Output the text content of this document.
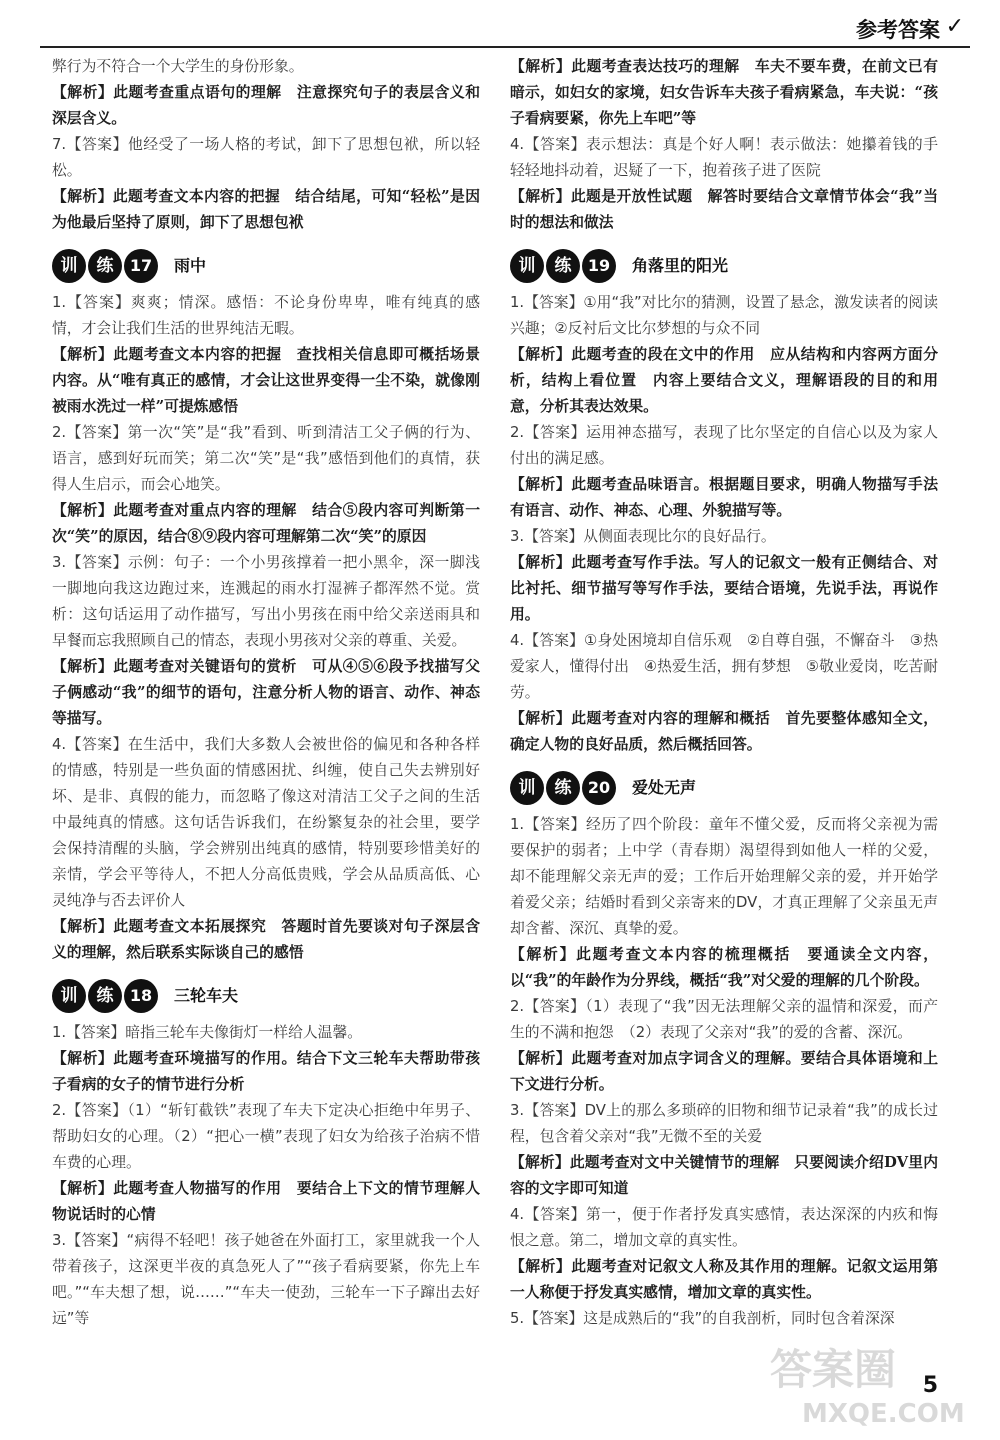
参考答案 ✓

弊行为不符合一个大学生的身份形象。

【解析】此题考查重点语句的理解　注意探究句子的表层含义和深层含义。

7.【答案】他经受了一场人格的考试，卸下了思想包袱，所以轻松。

【解析】此题考查文本内容的把握　结合结尾，可知“轻松”是因为他最后坚持了原则，卸下了思想包袱

训	练	17	雨中

1.【答案】爽爽；情深。感悟：不论身份卑卑，唯有纯真的感情，才会让我们生活的世界纯洁无暇。

【解析】此题考查文本内容的把握　查找相关信息即可概括场景内容。从“唯有真正的感情，才会让这世界变得一尘不染，就像刚被雨水洗过一样”可提炼感悟

2.【答案】第一次“笑”是“我”看到、听到清洁工父子俩的行为、语言，感到好玩而笑；第二次“笑”是“我”感悟到他们的真情，获得人生启示，而会心地笑。

【解析】此题考查对重点内容的理解　结合⑤段内容可判断第一次“笑”的原因，结合⑧⑨段内容可理解第二次“笑”的原因

3.【答案】示例：句子：一个小男孩撑着一把小黑伞，深一脚浅一脚地向我这边跑过来，连溅起的雨水打湿裤子都浑然不觉。赏析：这句话运用了动作描写，写出小男孩在雨中给父亲送雨具和早餐而忘我照顾自己的情态，表现小男孩对父亲的尊重、关爱。

【解析】此题考查对关键语句的赏析　可从④⑤⑥段予找描写父子俩感动“我”的细节的语句，注意分析人物的语言、动作、神态等描写。

4.【答案】在生活中，我们大多数人会被世俗的偏见和各种各样的情感，特别是一些负面的情感困扰、纠缠，使自己失去辨别好坏、是非、真假的能力，而忽略了像这对清洁工父子之间的生活中最纯真的情感。这句话告诉我们，在纷繁复杂的社会里，要学会保持清醒的头脑，学会辨别出纯真的感情，特别要珍惜美好的亲情，学会平等待人，不把人分高低贵贱，学会从品质高低、心灵纯净与否去评价人

【解析】此题考查文本拓展探究　答题时首先要谈对句子深层含义的理解，然后联系实际谈自己的感悟

训	练	18	三轮车夫

1.【答案】暗指三轮车夫像街灯一样给人温馨。

【解析】此题考查环境描写的作用。结合下文三轮车夫帮助带孩子看病的女子的情节进行分析

2.【答案】（1）“斩钉截铁”表现了车夫下定决心拒绝中年男子、帮助妇女的心理。（2）“把心一横”表现了妇女为给孩子治病不惜车费的心理。

【解析】此题考查人物描写的作用　要结合上下文的情节理解人物说话时的心情

3.【答案】“病得不轻吧！孩子她爸在外面打工，家里就我一个人带着孩子，这深更半夜的真急死人了”“孩子看病要紧，你先上车吧。”“车夫想了想，说……”“车夫一使劲，三轮车一下子蹿出去好远”等

【解析】此题考查表达技巧的理解　车夫不要车费，在前文已有暗示，如妇女的家境，妇女告诉车夫孩子看病紧急，车夫说：“孩子看病要紧，你先上车吧”等

4.【答案】表示想法：真是个好人啊！表示做法：她攥着钱的手轻轻地抖动着，迟疑了一下，抱着孩子进了医院

【解析】此题是开放性试题　解答时要结合文章情节体会“我”当时的想法和做法

训	练	19	角落里的阳光

1.【答案】①用“我”对比尔的猜测，设置了悬念，激发读者的阅读兴趣；②反衬后文比尔梦想的与众不同

【解析】此题考查的段在文中的作用　应从结构和内容两方面分析，结构上看位置　内容上要结合文义，理解语段的目的和用意，分析其表达效果。

2.【答案】运用神态描写，表现了比尔坚定的自信心以及为家人付出的满足感。

【解析】此题考查品味语言。根据题目要求，明确人物描写手法有语言、动作、神态、心理、外貌描写等。

3.【答案】从侧面表现比尔的良好品行。

【解析】此题考查写作手法。写人的记叙文一般有正侧结合、对比衬托、细节描写等写作手法，要结合语境，先说手法，再说作用。

4.【答案】①身处困境却自信乐观　②自尊自强，不懈奋斗　③热爱家人，懂得付出　④热爱生活，拥有梦想　⑤敬业爱岗，吃苦耐劳。

【解析】此题考查对内容的理解和概括　首先要整体感知全文，确定人物的良好品质，然后概括回答。

训	练	20	爱处无声

1.【答案】经历了四个阶段：童年不懂父爱，反而将父亲视为需要保护的弱者；上中学（青春期）渴望得到如他人一样的父爱，却不能理解父亲无声的爱；工作后开始理解父亲的爱，并开始学着爱父亲；结婚时看到父亲寄来的DV，才真正理解了父亲虽无声却含蓄、深沉、真挚的爱。

【解析】此题考查文本内容的梳理概括　要通读全文内容，以“我”的年龄作为分界线，概括“我”对父爱的理解的几个阶段。

2.【答案】（1）表现了“我”因无法理解父亲的温情和深爱，而产生的不满和抱怨　（2）表现了父亲对“我”的爱的含蓄、深沉。

【解析】此题考查对加点字词含义的理解。要结合具体语境和上下文进行分析。

3.【答案】DV上的那么多琐碎的旧物和细节记录着“我”的成长过程，包含着父亲对“我”无微不至的关爱

【解析】此题考查对文中关键情节的理解　只要阅读介绍DV里内容的文字即可知道

4.【答案】第一，便于作者抒发真实感情，表达深深的内疚和悔恨之意。第二，增加文章的真实性。

【解析】此题考查对记叙文人称及其作用的理解。记叙文运用第一人称便于抒发真实感情，增加文章的真实性。

5.【答案】这是成熟后的“我”的自我剖析，同时包含着深深

5
答案圈
MXQE.COM
